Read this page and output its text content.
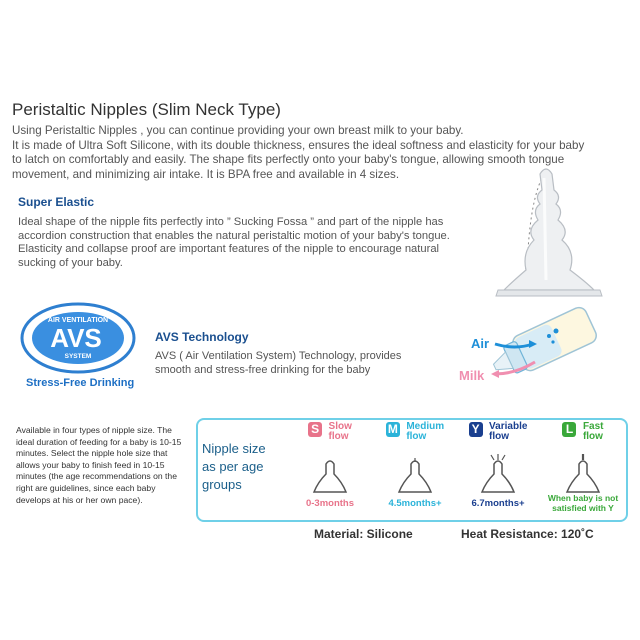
Peristaltic Nipples (Slim Neck Type)

Using Peristaltic Nipples , you can continue providing your own breast milk to your baby.

It is made of Ultra Soft Silicone, with its double thickness, ensures the ideal softness and elasticity for your baby

to latch on comfortably and easily. The shape fits perfectly onto your baby's tongue, allowing smooth tongue

movement, and minimizing air intake. It is BPA free and available in 4 sizes.

Super Elastic

Ideal shape of the nipple fits perfectly into ” Sucking Fossa ” and part of the nipple has

accordion construction that enables the natural peristaltic motion of your baby's tongue.

Elasticity and collapse proof are important features of the nipple to encourage natural

sucking of your baby.

AIR VENTILATION
AVS	TM
SYSTEM
Stress-Free Drinking
AVS Technology
AVS ( Air Ventilation System) Technology, provides
smooth and stress-free drinking for the baby
Air
Milk
Available in four types of nipple size. The ideal duration of feeding for a baby is 10-15 minutes. Select the nipple hole size that allows your baby to finish feed in 10-15 minutes (the age recommendations on the right are guidelines, since each baby develops at his or her own pace).
Nipple size
as per age
groups
S Slow
flow
0-3months
M Medium
flow
4.5months+
Y Variable
flow
6.7months+
L Fast
flow
When baby is not
satisfied with Y
Material: Silicone	Heat Resistance: 120˚C
